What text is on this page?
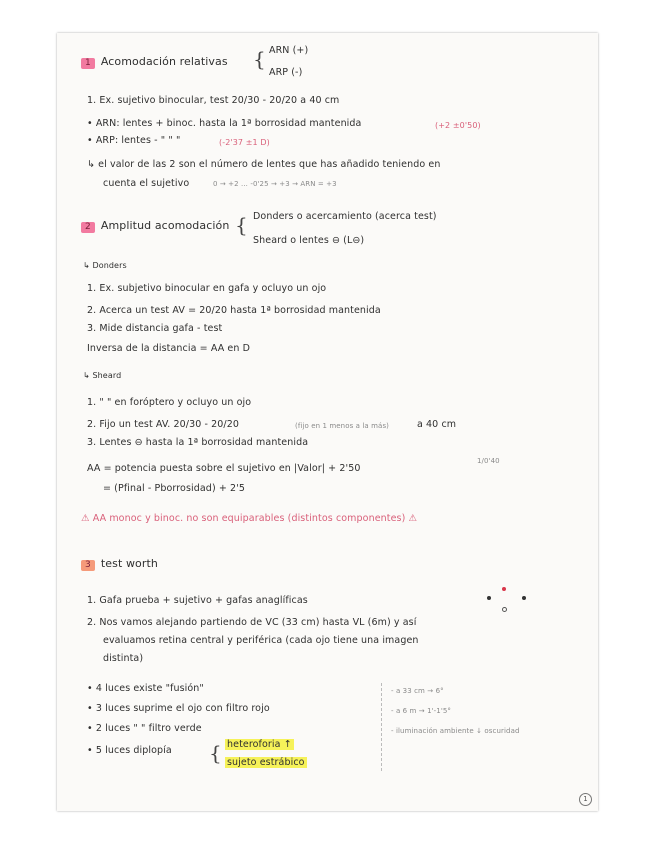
1 Acomodación relativas { ARN (+)
ARP (-)
1. Ex. sujetivo binocular, test 20/30 - 20/20 a 40 cm
• ARN: lentes + binoc. hasta la 1ª borrosidad mantenida	(+2 ±0'50)
• ARP: lentes - " " "	(-2'37 ±1 D)
↳ el valor de las 2 son el número de lentes que has añadido teniendo en
cuenta el sujetivo	0 → +2 ... -0'25 → +3 → ARN = +3
2 Amplitud acomodación { Donders o acercamiento (acerca test)
Sheard o lentes ⊖ (L⊖)
↳ Donders
1. Ex. subjetivo binocular en gafa y ocluyo un ojo
2. Acerca un test AV = 20/20 hasta 1ª borrosidad mantenida
3. Mide distancia gafa - test
Inversa de la distancia = AA en D
↳ Sheard
1. " " en foróptero y ocluyo un ojo
2. Fijo un test AV. 20/30 - 20/20	(fijo en 1 menos a la más)	a 40 cm
3. Lentes ⊖ hasta la 1ª borrosidad mantenida
AA = potencia puesta sobre el sujetivo en |Valor| + 2'50
1/0'40
= (Pfinal - Pborrosidad) + 2'5
⚠ AA monoc y binoc. no son equiparables (distintos componentes) ⚠
3 test worth
1. Gafa prueba + sujetivo + gafas anaglíficas
2. Nos vamos alejando partiendo de VC (33 cm) hasta VL (6m) y así
evaluamos retina central y periférica (cada ojo tiene una imagen
distinta)
• 4 luces existe "fusión"
• 3 luces suprime el ojo con filtro rojo
• 2 luces " " filtro verde
• 5 luces diplopía { heteroforia ↑
sujeto estrábico
- a 33 cm → 6°
- a 6 m → 1'-1'5°
- iluminación ambiente ↓ oscuridad
1
